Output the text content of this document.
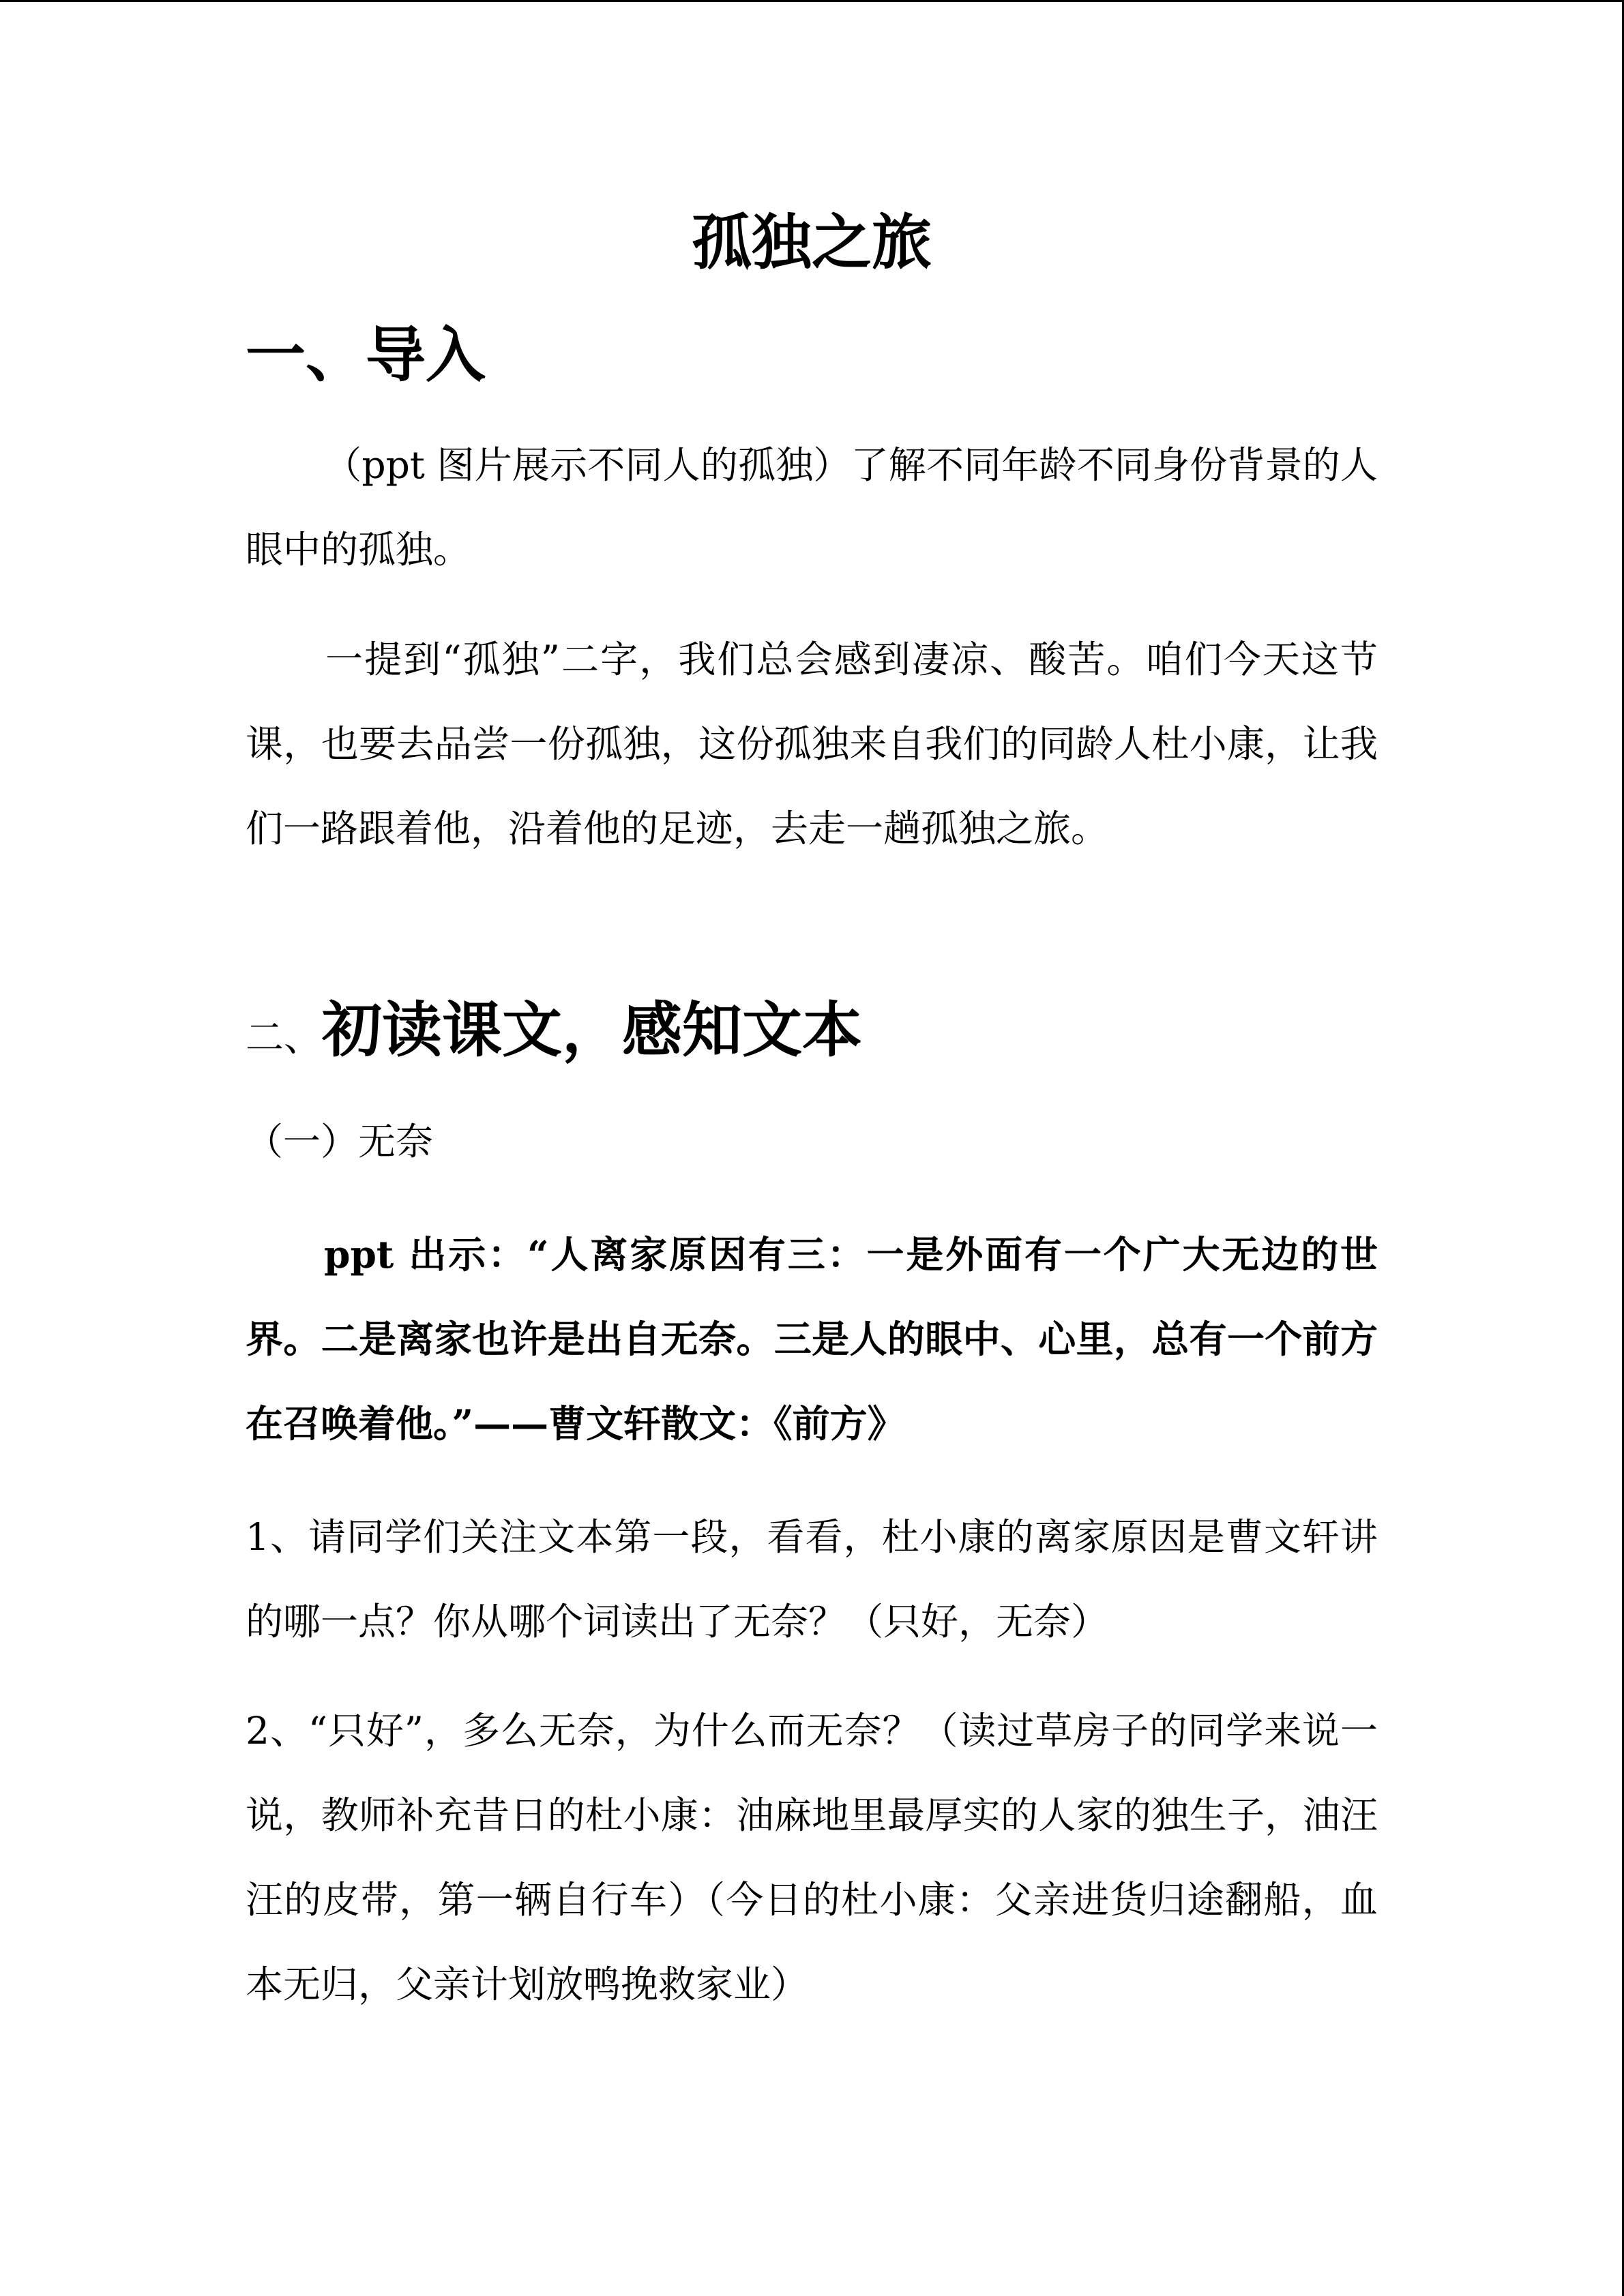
孤独之旅
一、导入

（ppt 图片展示不同人的孤独）了解不同年龄不同身份背景的人眼中的孤独。

一提到“孤独”二字，我们总会感到凄凉、酸苦。咱们今天这节课，也要去品尝一份孤独，这份孤独来自我们的同龄人杜小康，让我们一路跟着他，沿着他的足迹，去走一趟孤独之旅。

二、初读课文，感知文本

（一）无奈

ppt 出示：“人离家原因有三：一是外面有一个广大无边的世界。二是离家也许是出自无奈。三是人的眼中、心里，总有一个前方在召唤着他。”——曹文轩散文：《前方》

1、请同学们关注文本第一段，看看，杜小康的离家原因是曹文轩讲的哪一点？你从哪个词读出了无奈？（只好，无奈）

2、“只好”，多么无奈，为什么而无奈？（读过草房子的同学来说一说，教师补充昔日的杜小康：油麻地里最厚实的人家的独生子，油汪汪的皮带，第一辆自行车）（今日的杜小康：父亲进货归途翻船，血本无归，父亲计划放鸭挽救家业）
